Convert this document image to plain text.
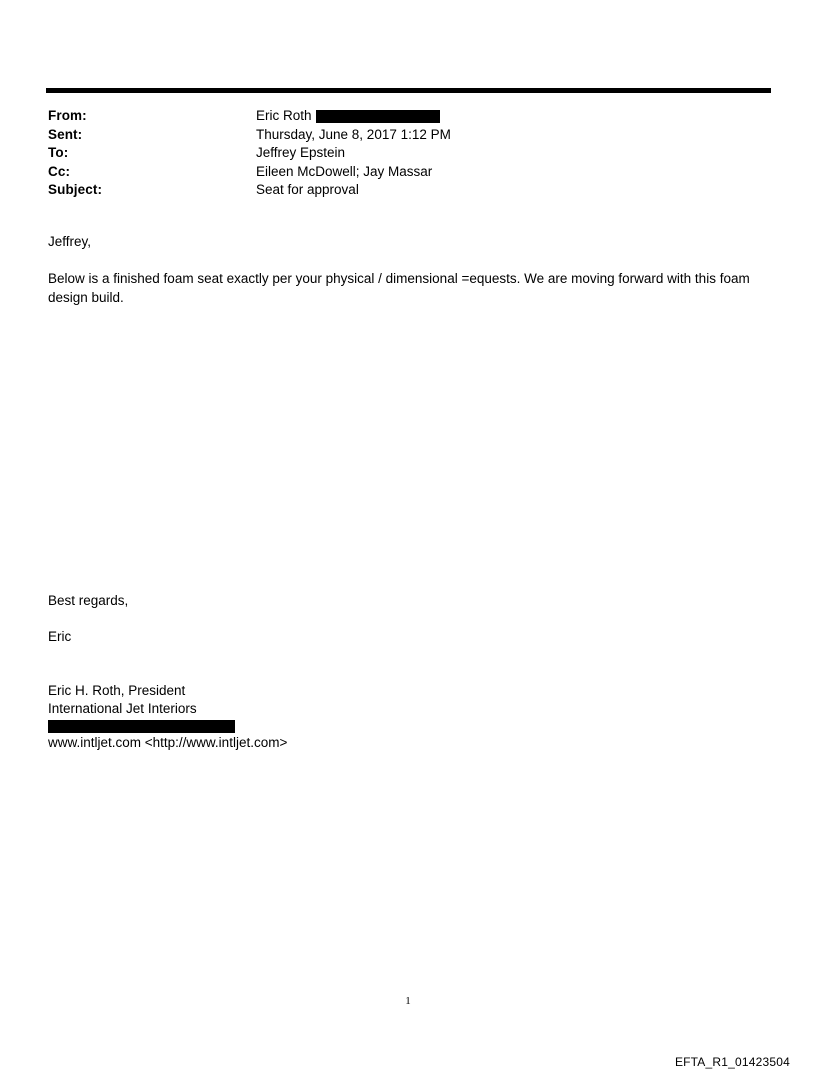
From:	Eric Roth
Sent:	Thursday, June 8, 2017 1:12 PM
To:	Jeffrey Epstein
Cc:	Eileen McDowell; Jay Massar
Subject:	Seat for approval
Jeffrey,
Below is a finished foam seat exactly per your physical / dimensional =equests. We are moving forward with this foam design build.
Best regards,
Eric
Eric H. Roth, President
International Jet Interiors
www.intljet.com <http://www.intljet.com>
1
EFTA_R1_01423504
